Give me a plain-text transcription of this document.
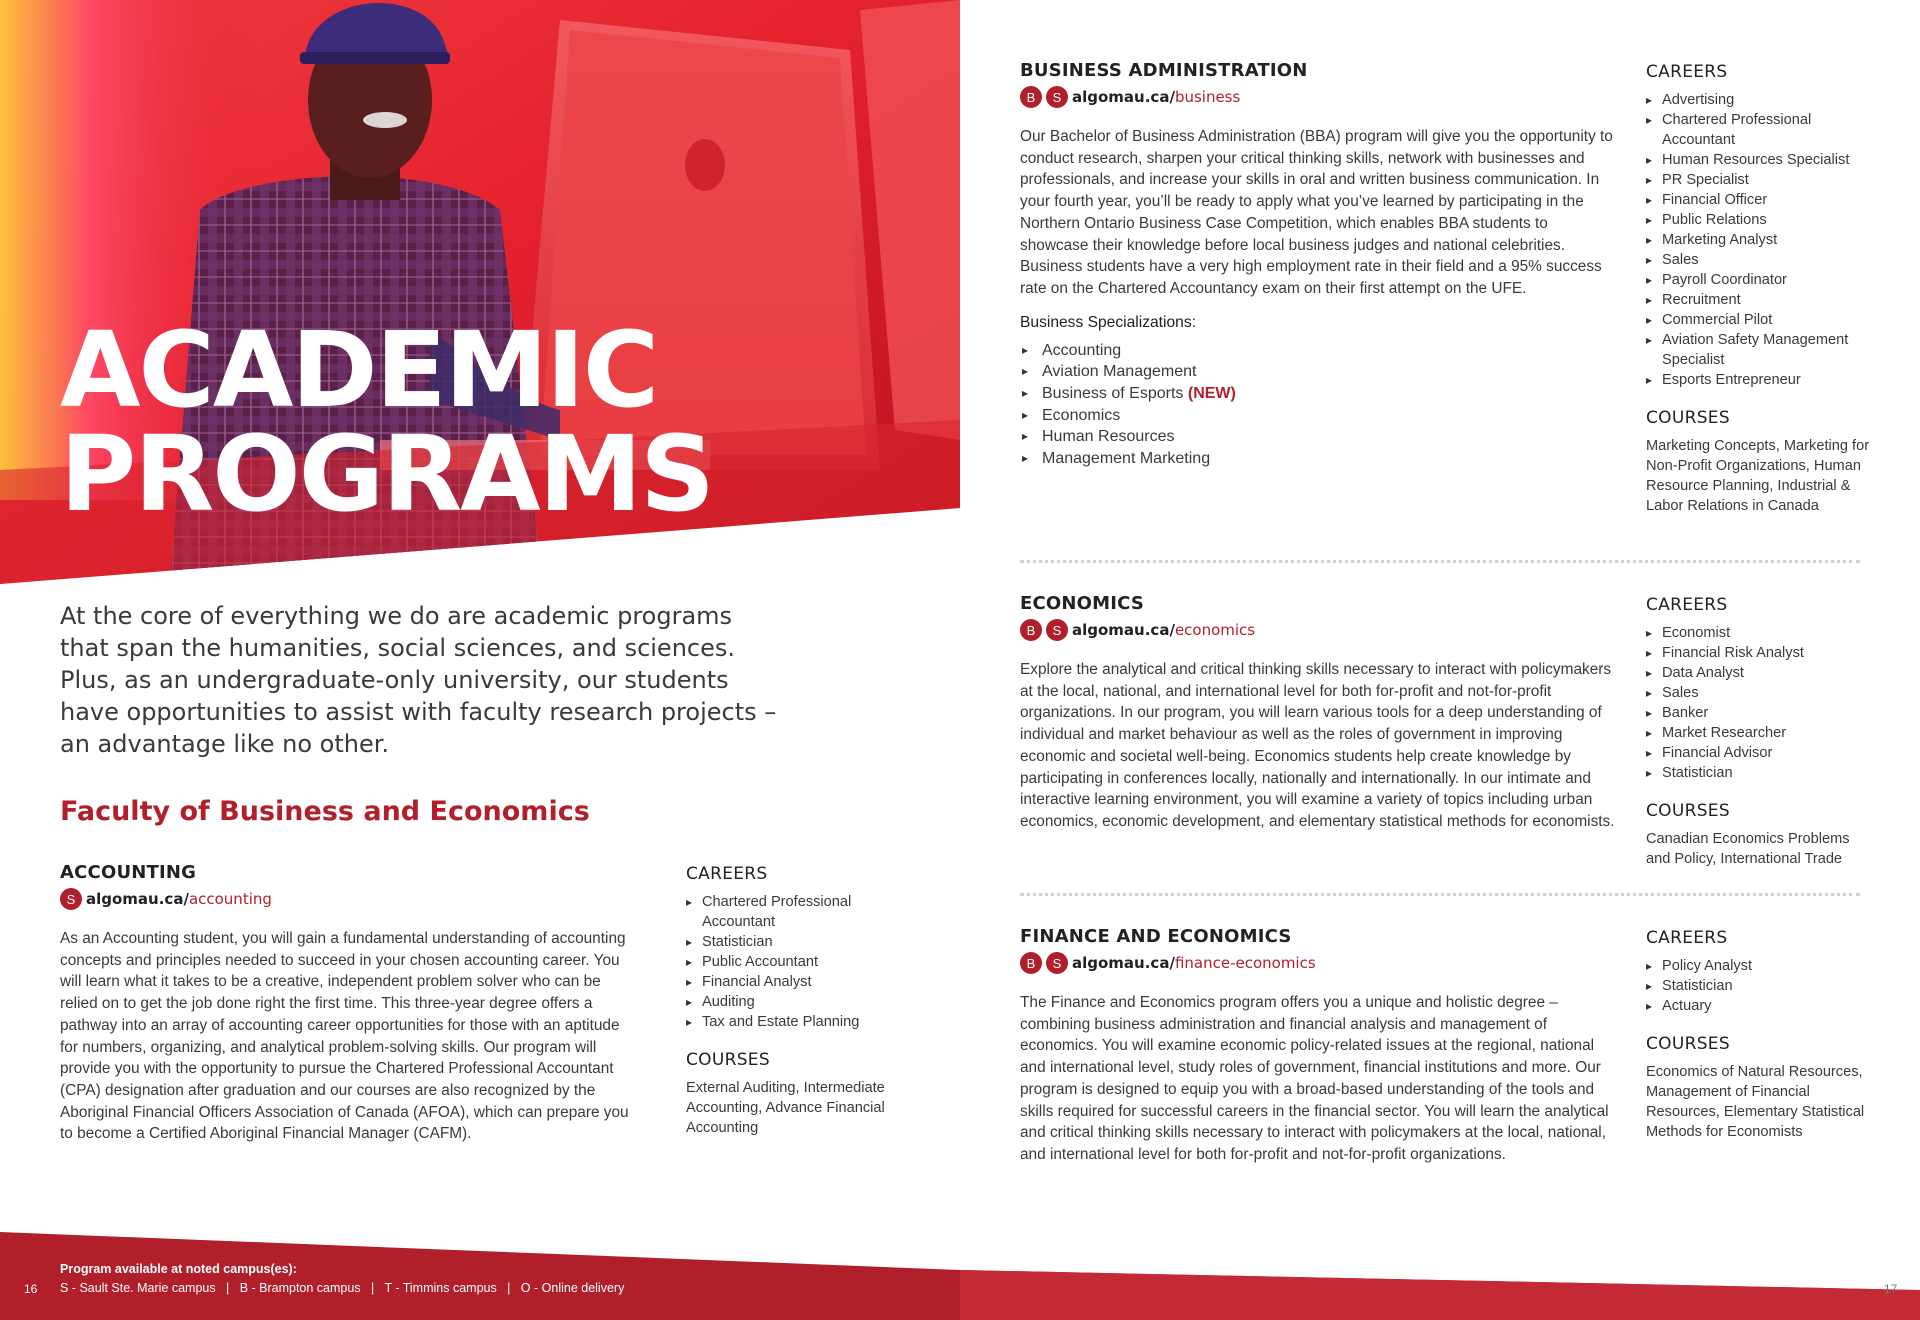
ACADEMIC
PROGRAMS

At the core of everything we do are academic programs that span the humanities, social sciences, and sciences. Plus, as an undergraduate-only university, our students have opportunities to assist with faculty research projects – an advantage like no other.

Faculty of Business and Economics
ACCOUNTING
S algomau.ca/ accounting

As an Accounting student, you will gain a fundamental understanding of accounting concepts and principles needed to succeed in your chosen accounting career. You will learn what it takes to be a creative, independent problem solver who can be relied on to get the job done right the first time. This three-year degree offers a pathway into an array of accounting career opportunities for those with an aptitude for numbers, organizing, and analytical problem-solving skills. Our program will provide you with the opportunity to pursue the Chartered Professional Accountant (CPA) designation after graduation and our courses are also recognized by the Aboriginal Financial Officers Association of Canada (AFOA), which can prepare you to become a Certified Aboriginal Financial Manager (CAFM).

CAREERS
▸ Chartered Professional Accountant
▸ Statistician
▸ Public Accountant
▸ Financial Analyst
▸ Auditing
▸ Tax and Estate Planning
COURSES

External Auditing, Intermediate Accounting, Advance Financial Accounting

BUSINESS ADMINISTRATION
B	S algomau.ca/ business

Our Bachelor of Business Administration (BBA) program will give you the opportunity to conduct research, sharpen your critical thinking skills, network with businesses and professionals, and increase your skills in oral and written business communication. In your fourth year, you’ll be ready to apply what you’ve learned by participating in the Northern Ontario Business Case Competition, which enables BBA students to showcase their knowledge before local business judges and national celebrities. Business students have a very high employment rate in their field and a 95% success rate on the Chartered Accountancy exam on their first attempt on the UFE.

Business Specializations:
▸ Accounting
▸ Aviation Management
▸ Business of Esports (NEW)
▸ Economics
▸ Human Resources
▸ Management Marketing
CAREERS
▸ Advertising
▸ Chartered Professional Accountant
▸ Human Resources Specialist
▸ PR Specialist
▸ Financial Officer
▸ Public Relations
▸ Marketing Analyst
▸ Sales
▸ Payroll Coordinator
▸ Recruitment
▸ Commercial Pilot
▸ Aviation Safety Management Specialist
▸ Esports Entrepreneur
COURSES

Marketing Concepts, Marketing for Non-Profit Organizations, Human Resource Planning, Industrial & Labor Relations in Canada

ECONOMICS
B	S algomau.ca/ economics

Explore the analytical and critical thinking skills necessary to interact with policymakers at the local, national, and international level for both for-profit and not-for-profit organizations. In our program, you will learn various tools for a deep understanding of individual and market behaviour as well as the roles of government in improving economic and societal well-being. Economics students help create knowledge by participating in conferences locally, nationally and internationally. In our intimate and interactive learning environment, you will examine a variety of topics including urban economics, economic development, and elementary statistical methods for economists.

CAREERS
▸ Economist
▸ Financial Risk Analyst
▸ Data Analyst
▸ Sales
▸ Banker
▸ Market Researcher
▸ Financial Advisor
▸ Statistician
COURSES

Canadian Economics Problems and Policy, International Trade

FINANCE AND ECONOMICS
B	S algomau.ca/ finance-economics

The Finance and Economics program offers you a unique and holistic degree – combining business administration and financial analysis and management of economics. You will examine economic policy-related issues at the regional, national and international level, study roles of government, financial institutions and more. Our program is designed to equip you with a broad-based understanding of the tools and skills required for successful careers in the financial sector. You will learn the analytical and critical thinking skills necessary to interact with policymakers at the local, national, and international level for both for-profit and not-for-profit organizations.

CAREERS
▸ Policy Analyst
▸ Statistician
▸ Actuary
COURSES

Economics of Natural Resources, Management of Financial Resources, Elementary Statistical Methods for Economists

Program available at noted campus(es):
S - Sault Ste. Marie campus   |   B - Brampton campus   |   T - Timmins campus   |   O - Online delivery
16	17
